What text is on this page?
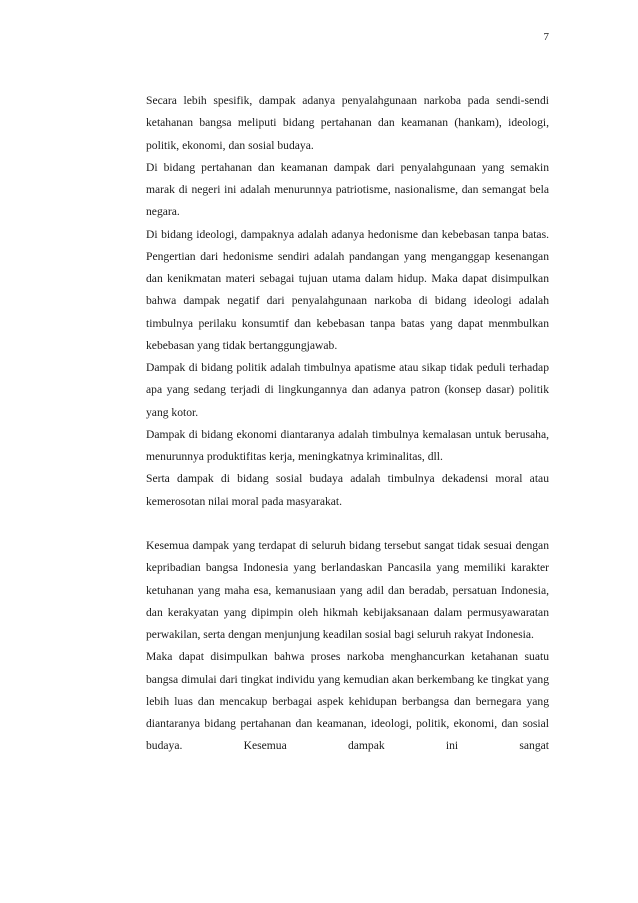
7

Secara lebih spesifik, dampak adanya penyalahgunaan narkoba pada sendi-sendi ketahanan bangsa meliputi bidang pertahanan dan keamanan (hankam), ideologi, politik, ekonomi, dan sosial budaya.

Di bidang pertahanan dan keamanan dampak dari penyalahgunaan yang semakin marak di negeri ini adalah menurunnya patriotisme, nasionalisme, dan semangat bela negara.

Di bidang ideologi, dampaknya adalah adanya hedonisme dan kebebasan tanpa batas. Pengertian dari hedonisme sendiri adalah pandangan yang menganggap kesenangan dan kenikmatan materi sebagai tujuan utama dalam hidup. Maka dapat disimpulkan bahwa dampak negatif dari penyalahgunaan narkoba di bidang ideologi adalah timbulnya perilaku konsumtif dan kebebasan tanpa batas yang dapat menmbulkan kebebasan yang tidak bertanggungjawab.

Dampak di bidang politik adalah timbulnya apatisme atau sikap tidak peduli terhadap apa yang sedang terjadi di lingkungannya dan adanya patron (konsep dasar) politik yang kotor.

Dampak di bidang ekonomi diantaranya adalah timbulnya kemalasan untuk berusaha, menurunnya produktifitas kerja, meningkatnya kriminalitas, dll.

Serta dampak di bidang sosial budaya adalah timbulnya dekadensi moral atau kemerosotan nilai moral pada masyarakat.

Kesemua dampak yang terdapat di seluruh bidang tersebut sangat tidak sesuai dengan kepribadian bangsa Indonesia yang berlandaskan Pancasila yang memiliki karakter ketuhanan yang maha esa, kemanusiaan yang adil dan beradab, persatuan Indonesia, dan kerakyatan yang dipimpin oleh hikmah kebijaksanaan dalam permusyawaratan perwakilan, serta dengan menjunjung keadilan sosial bagi seluruh rakyat Indonesia.

Maka dapat disimpulkan bahwa proses narkoba menghancurkan ketahanan suatu bangsa dimulai dari tingkat individu yang kemudian akan berkembang ke tingkat yang lebih luas dan mencakup berbagai aspek kehidupan berbangsa dan bernegara yang diantaranya bidang pertahanan dan keamanan, ideologi, politik, ekonomi, dan sosial budaya. Kesemua dampak ini sangat
